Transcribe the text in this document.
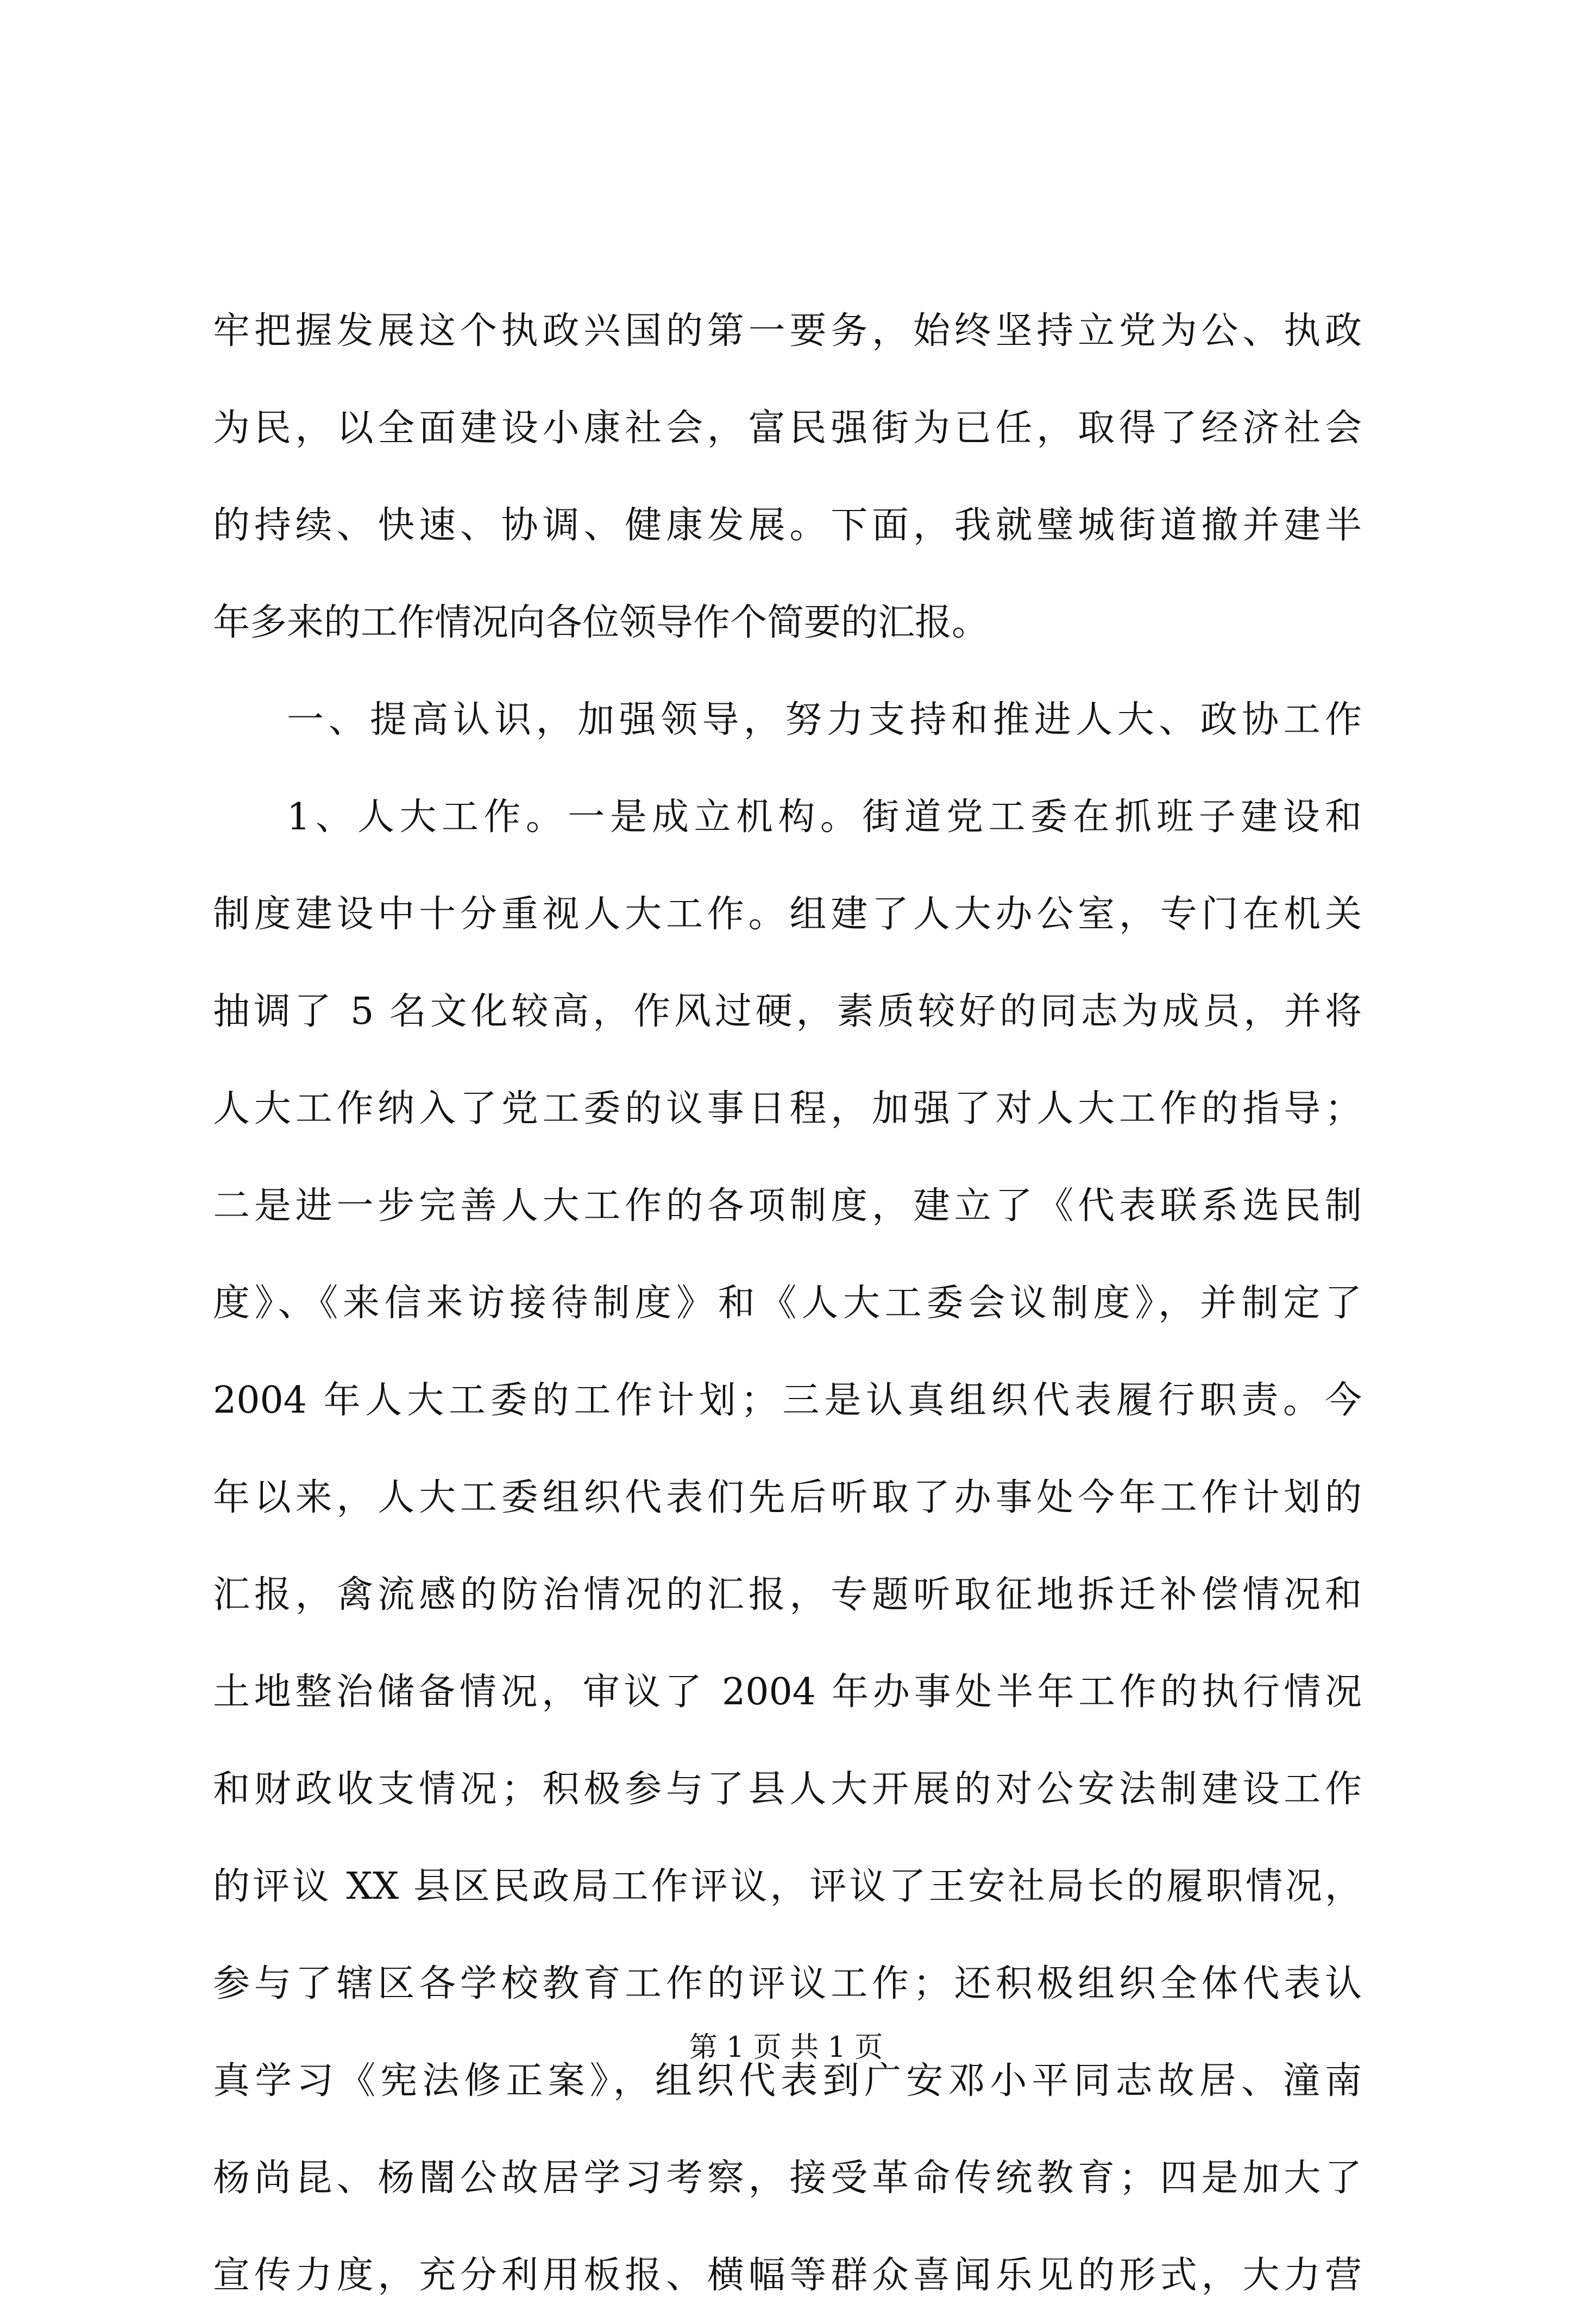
牢把握发展这个执政兴国的第一要务，始终坚持立党为公、执政
为民，以全面建设小康社会，富民强街为已任，取得了经济社会
的持续、快速、协调、健康发展。下面，我就璧城街道撤并建半
年多来的工作情况向各位领导作个简要的汇报。
一、提高认识，加强领导，努力支持和推进人大、政协工作
1、人大工作。一是成立机构。街道党工委在抓班子建设和
制度建设中十分重视人大工作。组建了人大办公室，专门在机关
抽调了 5 名文化较高，作风过硬，素质较好的同志为成员，并将
人大工作纳入了党工委的议事日程，加强了对人大工作的指导；
二是进一步完善人大工作的各项制度，建立了《代表联系选民制
度》、《来信来访接待制度》和《人大工委会议制度》，并制定了
2004 年人大工委的工作计划；三是认真组织代表履行职责。今
年以来，人大工委组织代表们先后听取了办事处今年工作计划的
汇报，禽流感的防治情况的汇报，专题听取征地拆迁补偿情况和
土地整治储备情况，审议了 2004 年办事处半年工作的执行情况
和财政收支情况；积极参与了县人大开展的对公安法制建设工作
的评议 XX 县区民政局工作评议，评议了王安社局长的履职情况，
参与了辖区各学校教育工作的评议工作；还积极组织全体代表认
真学习《宪法修正案》，组织代表到广安邓小平同志故居、潼南
杨尚昆、杨闇公故居学习考察，接受革命传统教育；四是加大了
宣传力度，充分利用板报、横幅等群众喜闻乐见的形式，大力营
第 1 页 共 1 页
